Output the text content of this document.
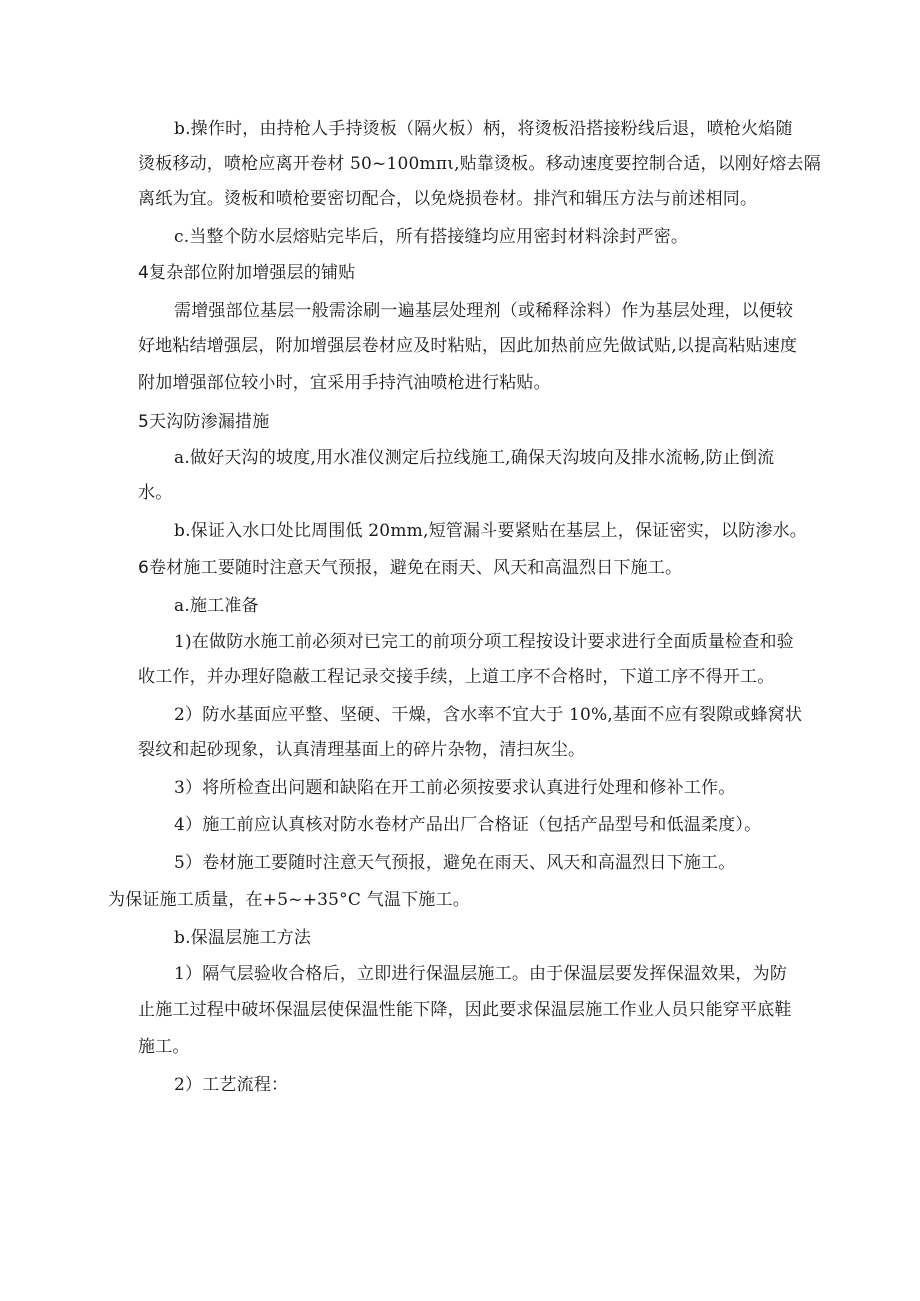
b.操作时，由持枪人手持烫板（隔火板）柄，将烫板沿搭接粉线后退，喷枪火焰随
烫板移动，喷枪应离开卷材 50~100mπι,贴靠烫板。移动速度要控制合适，以刚好熔去隔
离纸为宜。烫板和喷枪要密切配合，以免烧损卷材。排汽和辑压方法与前述相同。
c.当整个防水层熔贴完毕后，所有搭接缝均应用密封材料涂封严密。
4复杂部位附加增强层的铺贴
需增强部位基层一般需涂刷一遍基层处理剂（或稀释涂料）作为基层处理，以便较
好地粘结增强层，附加增强层卷材应及时粘贴，因此加热前应先做试贴,以提高粘贴速度
附加增强部位较小时，宜采用手持汽油喷枪进行粘贴。
5天沟防渗漏措施
a.做好天沟的坡度,用水准仪测定后拉线施工,确保天沟坡向及排水流畅,防止倒流
水。
b.保证入水口处比周围低 20mm,短管漏斗要紧贴在基层上，保证密实，以防渗水。
6卷材施工要随时注意天气预报，避免在雨天、风天和高温烈日下施工。
a.施工准备
1)在做防水施工前必须对已完工的前项分项工程按设计要求进行全面质量检查和验
收工作，并办理好隐蔽工程记录交接手续，上道工序不合格时，下道工序不得开工。
2）防水基面应平整、坚硬、干燥，含水率不宜大于 10%,基面不应有裂隙或蜂窝状
裂纹和起砂现象，认真清理基面上的碎片杂物，清扫灰尘。
3）将所检查出问题和缺陷在开工前必须按要求认真进行处理和修补工作。
4）施工前应认真核对防水卷材产品出厂合格证（包括产品型号和低温柔度）。
5）卷材施工要随时注意天气预报，避免在雨天、风天和高温烈日下施工。
为保证施工质量，在+5~+35°C 气温下施工。
b.保温层施工方法
1）隔气层验收合格后，立即进行保温层施工。由于保温层要发挥保温效果，为防
止施工过程中破坏保温层使保温性能下降，因此要求保温层施工作业人员只能穿平底鞋
施工。
2）工艺流程：
